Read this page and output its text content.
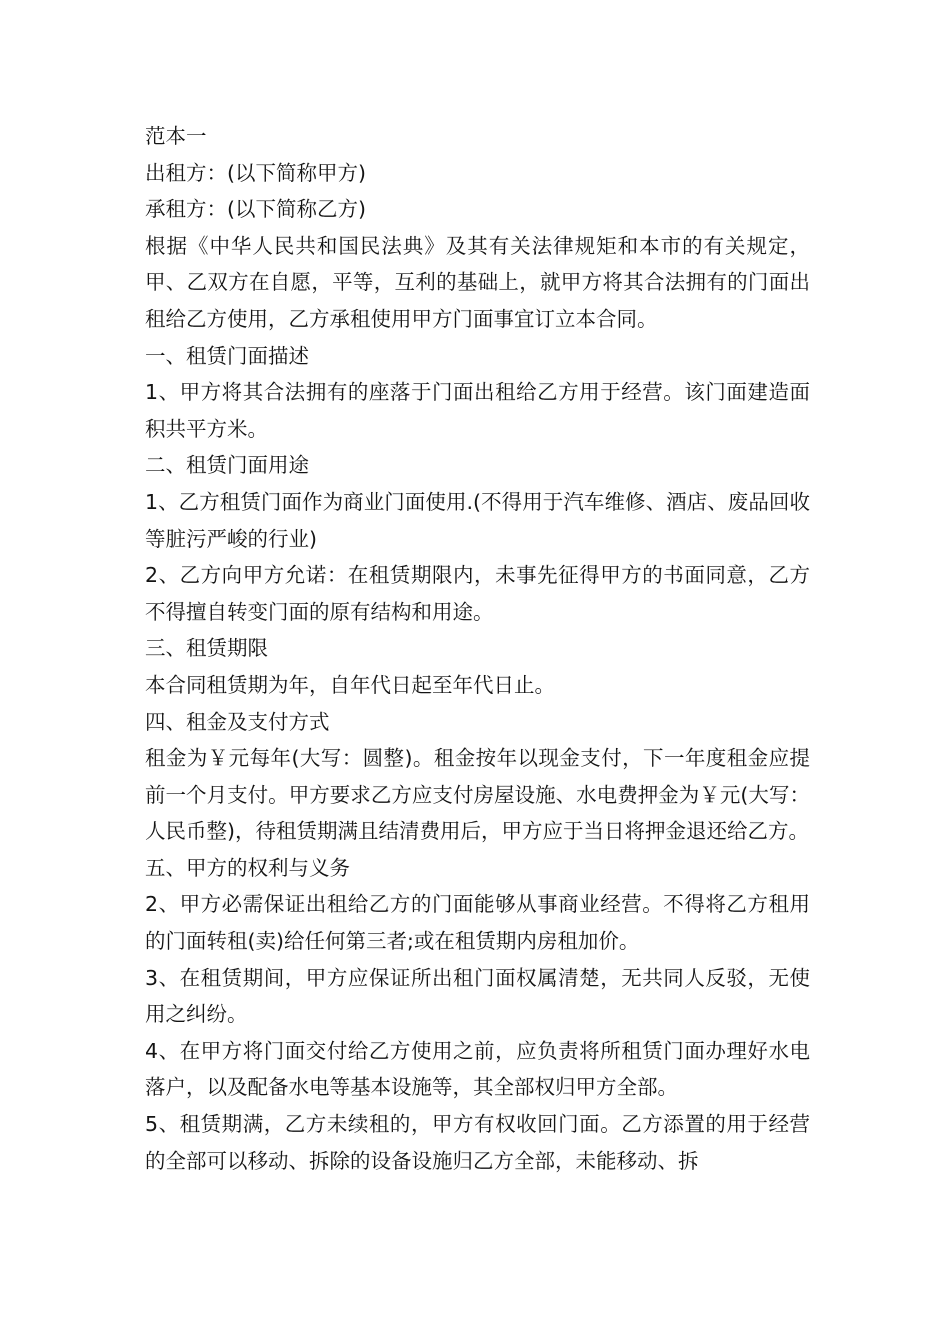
范本一

出租方：(以下简称甲方)

承租方：(以下简称乙方)

根据《中华人民共和国民法典》及其有关法律规矩和本市的有关规定，甲、乙双方在自愿，平等，互利的基础上，就甲方将其合法拥有的门面出租给乙方使用，乙方承租使用甲方门面事宜订立本合同。

一、租赁门面描述

1、甲方将其合法拥有的座落于门面出租给乙方用于经营。该门面建造面积共平方米。

二、租赁门面用途

1、乙方租赁门面作为商业门面使用.(不得用于汽车维修、酒店、废品回收等脏污严峻的行业)

2、乙方向甲方允诺：在租赁期限内，未事先征得甲方的书面同意，乙方不得擅自转变门面的原有结构和用途。

三、租赁期限

本合同租赁期为年，自年代日起至年代日止。

四、租金及支付方式

租金为￥元每年(大写：圆整)。租金按年以现金支付，下一年度租金应提前一个月支付。甲方要求乙方应支付房屋设施、水电费押金为￥元(大写：人民币整)，待租赁期满且结清费用后，甲方应于当日将押金退还给乙方。

五、甲方的权利与义务

2、甲方必需保证出租给乙方的门面能够从事商业经营。不得将乙方租用的门面转租(卖)给任何第三者;或在租赁期内房租加价。

3、在租赁期间，甲方应保证所出租门面权属清楚，无共同人反驳，无使用之纠纷。

4、在甲方将门面交付给乙方使用之前，应负责将所租赁门面办理好水电落户，以及配备水电等基本设施等，其全部权归甲方全部。

5、租赁期满，乙方未续租的，甲方有权收回门面。乙方添置的用于经营的全部可以移动、拆除的设备设施归乙方全部，未能移动、拆
